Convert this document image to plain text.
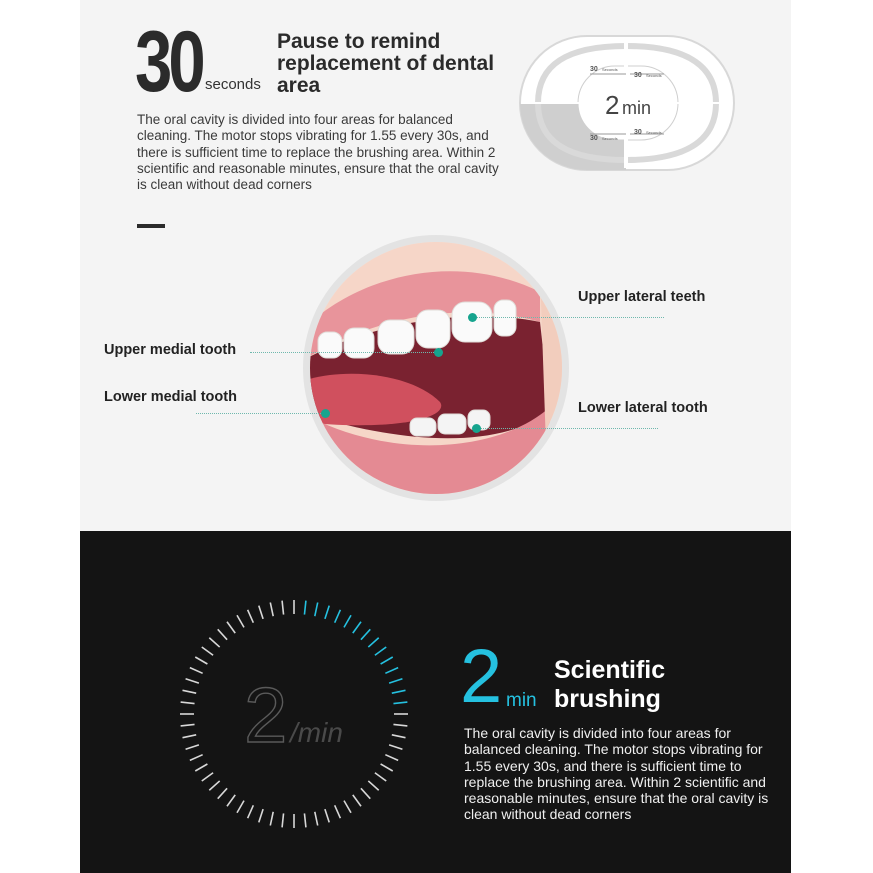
30 seconds
Pause to remind replacement of dental area

The oral cavity is divided into four areas for balanced cleaning. The motor stops vibrating for 1.55 every 30s, and there is sufficient time to replace the brushing area. Within 2 scientific and reasonable minutes, ensure that the oral cavity is clean without dead corners

2 min
30 Seconds
30 Seconds
30 Seconds
30 Seconds
Upper lateral teeth
Upper medial tooth
Lower medial tooth
Lower lateral tooth
2 /min
2 min
Scientific brushing

The oral cavity is divided into four areas for balanced cleaning. The motor stops vibrating for 1.55 every 30s, and there is sufficient time to replace the brushing area. Within 2 scientific and reasonable minutes, ensure that the oral cavity is clean without dead corners
